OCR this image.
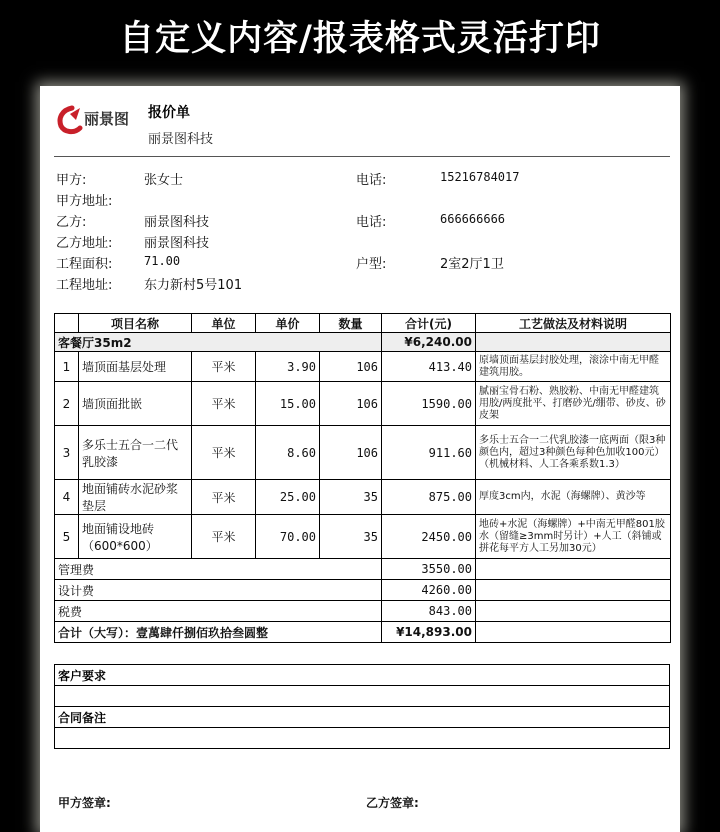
自定义内容/报表格式灵活打印
丽景图 报价单
丽景图科技
甲方:	张女士	电话:	15216784017
甲方地址:
乙方:	丽景图科技	电话:	666666666
乙方地址: 丽景图科技
工程面积:	71.00	户型:	2室2厅1卫
工程地址: 东力新村5号101
	项目名称	单位	单价	数量	合计(元)	工艺做法及材料说明
客餐厅35m2					¥6,240.00	
1	墙顶面基层处理	平米	3.90	106	413.40	原墙顶面基层封胶处理，滚涂中南无甲醛建筑用胶。
2	墙顶面批嵌	平米	15.00	106	1590.00	腻丽宝骨石粉、熟胶粉、中南无甲醛建筑用胶/两度批平、打磨砂光/绷带、砂皮、砂皮架
3	多乐士五合一二代乳胶漆	平米	8.60	106	911.60	多乐士五合一二代乳胶漆一底两面（限3种颜色内，超过3种颜色每种色加收100元）（机械材料、人工各乘系数1.3）
4	地面铺砖水泥砂浆垫层	平米	25.00	35	875.00	厚度3cm内，水泥（海螺牌）、黄沙等
5	地面铺设地砖（600*600）	平米	70.00	35	2450.00	地砖+水泥（海螺牌）+中南无甲醛801胶水（留缝≥3mm时另计）+人工（斜铺或拼花每平方人工另加30元）
管理费					3550.00	
设计费					4260.00	
税费					843.00	
合计（大写）：壹萬肆仟捌佰玖拾叁圆整					¥14,893.00	
客户要求

合同备注

甲方签章:	乙方签章:
